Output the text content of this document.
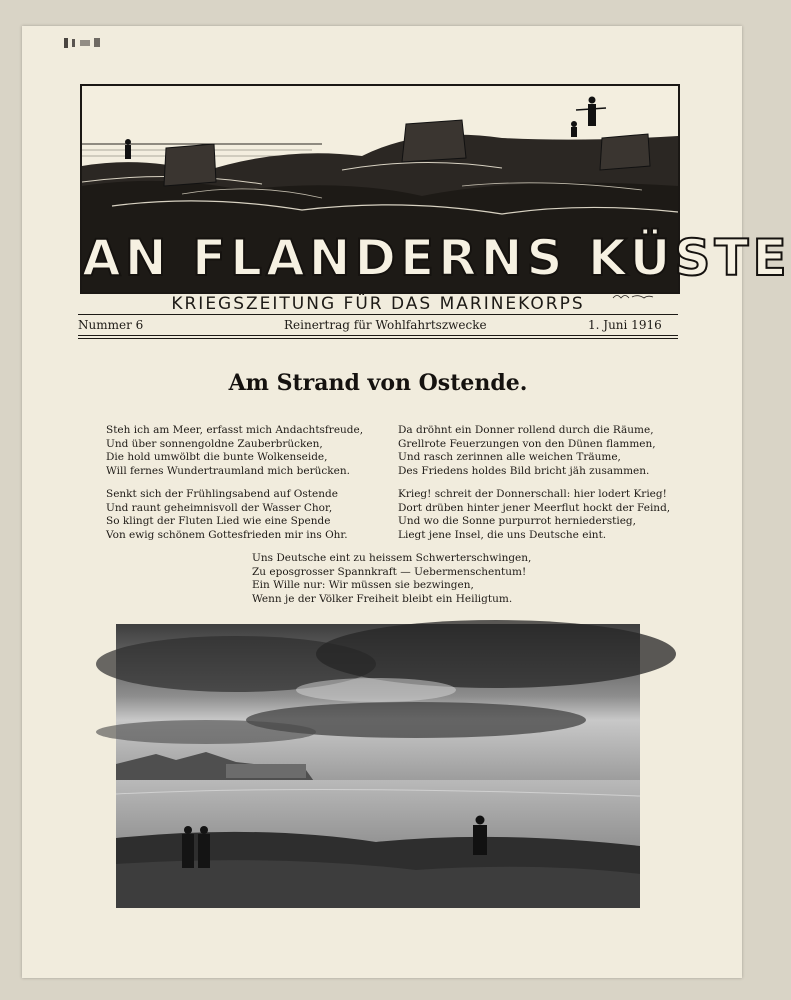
AN FLANDERNS KÜSTE
KRIEGSZEITUNG FÜR DAS MARINEKORPS
Nummer 6	Reinertrag für Wohlfahrtszwecke	1. Juni 1916
Am Strand von Ostende.
Steh ich am Meer, erfasst mich Andachtsfreude,
Und über sonnengoldne Zauberbrücken,
Die hold umwölbt die bunte Wolkenseide,
Will fernes Wundertraumland mich berücken.
Senkt sich der Frühlingsabend auf Ostende
Und raunt geheimnisvoll der Wasser Chor,
So klingt der Fluten Lied wie eine Spende
Von ewig schönem Gottesfrieden mir ins Ohr.
Da dröhnt ein Donner rollend durch die Räume,
Grellrote Feuerzungen von den Dünen flammen,
Und rasch zerinnen alle weichen Träume,
Des Friedens holdes Bild bricht jäh zusammen.
Krieg! schreit der Donnerschall: hier lodert Krieg!
Dort drüben hinter jener Meerflut hockt der Feind,
Und wo die Sonne purpurrot herniederstieg,
Liegt jene Insel, die uns Deutsche eint.
Uns Deutsche eint zu heissem Schwerterschwingen,
Zu eposgrosser Spannkraft — Uebermenschentum!
Ein Wille nur: Wir müssen sie bezwingen,
Wenn je der Völker Freiheit bleibt ein Heiligtum.
